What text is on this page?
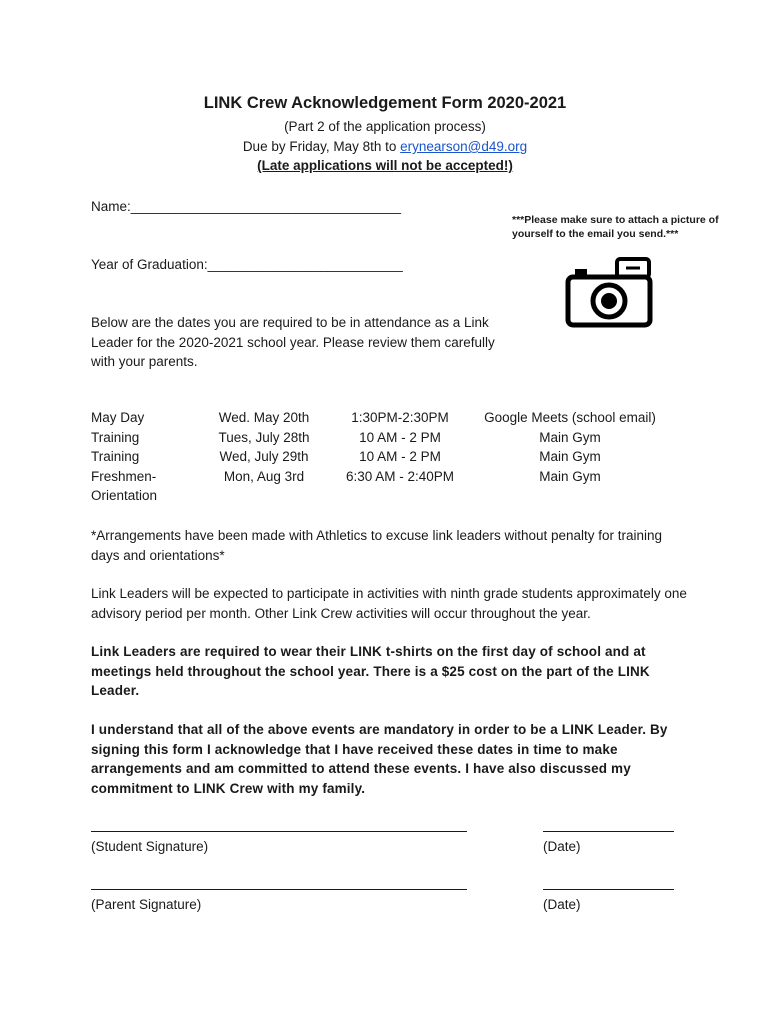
LINK Crew Acknowledgement Form 2020-2021
(Part 2 of the application process)
Due by Friday, May 8th to erynearson@d49.org
(Late applications will not be accepted!)
Name:____________________________________
***Please make sure to attach a picture of yourself to the email you send.***
Year of Graduation:__________________________
Below are the dates you are required to be in attendance as a Link Leader for the 2020-2021 school year. Please review them carefully with your parents.
May Day
Training
Training
Freshmen-
Orientation
Wed. May 20th
Tues, July 28th
Wed, July 29th
Mon, Aug 3rd
1:30PM-2:30PM
10 AM - 2 PM
10 AM - 2 PM
6:30 AM - 2:40PM
Google Meets (school email)
Main Gym
Main Gym
Main Gym
*Arrangements have been made with Athletics to excuse link leaders without penalty for training days and orientations*
Link Leaders will be expected to participate in activities with ninth grade students approximately one advisory period per month. Other Link Crew activities will occur throughout the year.
Link Leaders are required to wear their LINK t-shirts on the first day of school and at meetings held throughout the school year. There is a $25 cost on the part of the LINK Leader.
I understand that all of the above events are mandatory in order to be a LINK Leader. By signing this form I acknowledge that I have received these dates in time to make arrangements and am committed to attend these events. I have also discussed my commitment to LINK Crew with my family.
(Student Signature)	(Date)
(Parent Signature)	(Date)
